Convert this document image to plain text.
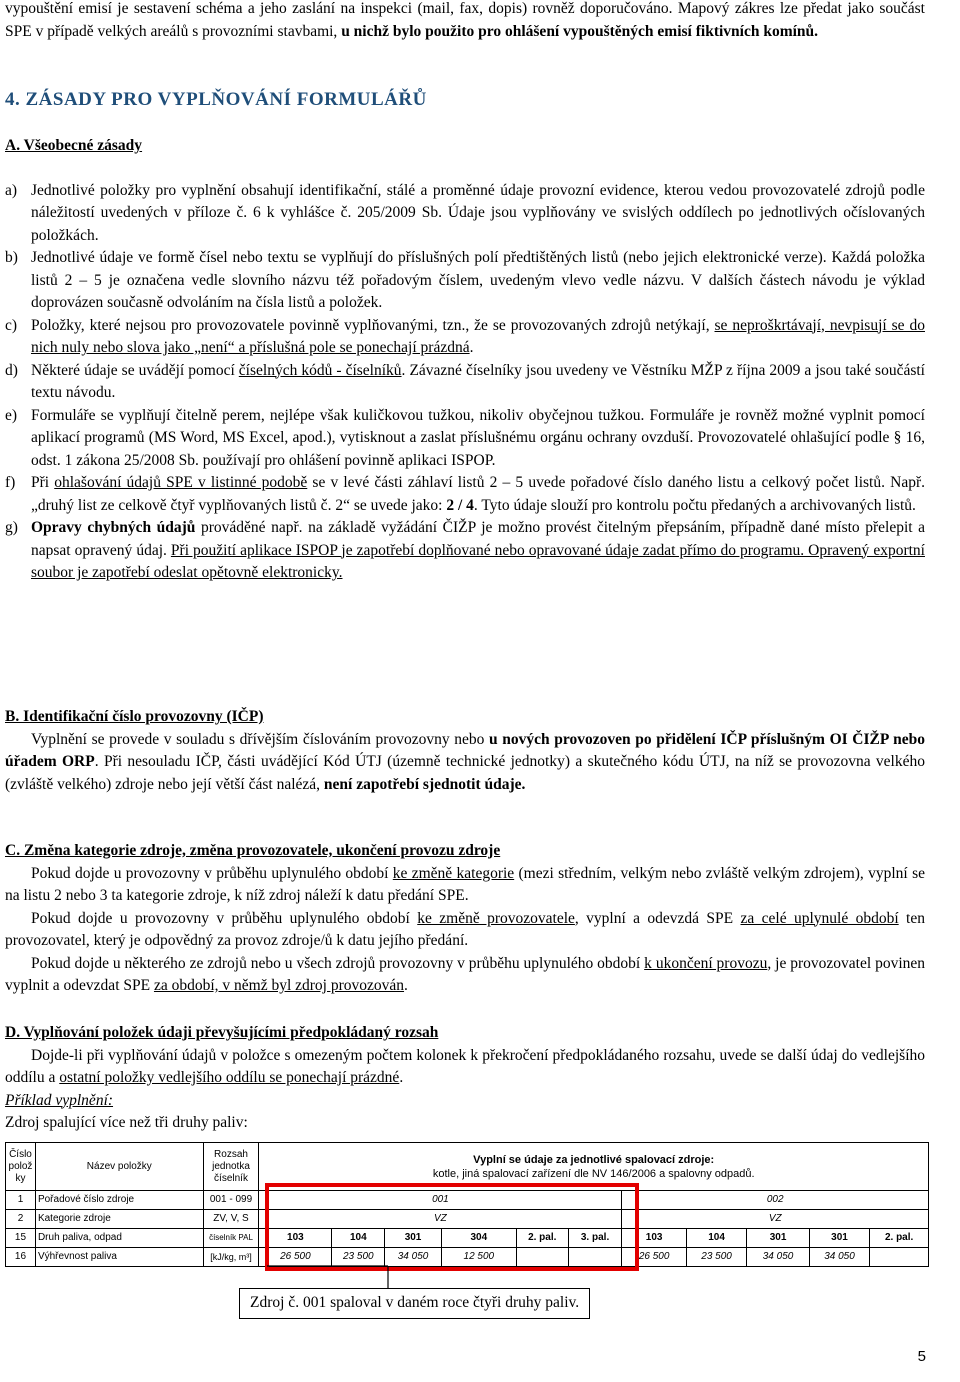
vypouštění emisí je sestavení schéma a jeho zaslání na inspekci (mail, fax, dopis) rovněž doporučováno. Mapový zákres lze předat jako součást SPE v případě velkých areálů s provozními stavbami, u nichž bylo použito pro ohlášení vypouštěných emisí fiktivních komínů.

4. ZÁSADY PRO VYPLŇOVÁNÍ FORMULÁŘŮ

A. Všeobecné zásady

a) Jednotlivé položky pro vyplnění obsahují identifikační, stálé a proměnné údaje provozní evidence, kterou vedou provozovatelé zdrojů podle náležitostí uvedených v příloze č. 6 k vyhlášce č. 205/2009 Sb. Údaje jsou vyplňovány ve svislých oddílech po jednotlivých očíslovaných položkách.
b) Jednotlivé údaje ve formě čísel nebo textu se vyplňují do příslušných polí předtištěných listů (nebo jejich elektronické verze). Každá položka listů 2 – 5 je označena vedle slovního názvu též pořadovým číslem, uvedeným vlevo vedle názvu. V dalších částech návodu je výklad doprovázen současně odvoláním na čísla listů a položek.
c) Položky, které nejsou pro provozovatele povinně vyplňovanými, tzn., že se provozovaných zdrojů netýkají, se neproškrtávají, nevpisují se do nich nuly nebo slova jako „není“ a příslušná pole se ponechají prázdná.
d) Některé údaje se uvádějí pomocí číselných kódů - číselníků. Závazné číselníky jsou uvedeny ve Věstníku MŽP z října 2009 a jsou také součástí textu návodu.
e) Formuláře se vyplňují čitelně perem, nejlépe však kuličkovou tužkou, nikoliv obyčejnou tužkou. Formuláře je rovněž možné vyplnit pomocí aplikací programů (MS Word, MS Excel, apod.), vytisknout a zaslat příslušnému orgánu ochrany ovzduší. Provozovatelé ohlašující podle § 16, odst. 1 zákona 25/2008 Sb. používají pro ohlášení povinně aplikaci ISPOP.
f)	Při ohlašování údajů SPE v listinné podobě se v levé části záhlaví listů 2 – 5 uvede pořadové číslo daného listu a celkový počet listů. Např. „druhý list ze celkově čtyř vyplňovaných listů č. 2“ se uvede jako: 2 / 4. Tyto údaje slouží pro kontrolu počtu předaných a archivovaných listů.
g) Opravy chybných údajů prováděné např. na základě vyžádání ČIŽP je možno provést čitelným přepsáním, případně dané místo přelepit a napsat opravený údaj. Při použití aplikace ISPOP je zapotřebí doplňované nebo opravované údaje zadat přímo do programu. Opravený exportní soubor je zapotřebí odeslat opětovně elektronicky.

B. Identifikační číslo provozovny (IČP)

Vyplnění se provede v souladu s dřívějším číslováním provozovny nebo u nových provozoven po přidělení IČP příslušným OI ČIŽP nebo úřadem ORP. Při nesouladu IČP, části uvádějící Kód ÚTJ (územně technické jednotky) a skutečného kódu ÚTJ, na níž se provozovna velkého (zvláště velkého) zdroje nebo její větší část nalézá, není zapotřebí sjednotit údaje.

C. Změna kategorie zdroje, změna provozovatele, ukončení provozu zdroje

Pokud dojde u provozovny v průběhu uplynulého období ke změně kategorie (mezi středním, velkým nebo zvláště velkým zdrojem), vyplní se na listu 2 nebo 3 ta kategorie zdroje, k níž zdroj náleží k datu předání SPE.

Pokud dojde u provozovny v průběhu uplynulého období ke změně provozovatele, vyplní a odevzdá SPE za celé uplynulé období ten provozovatel, který je odpovědný za provoz zdroje/ů k datu jejího předání.

Pokud dojde u některého ze zdrojů nebo u všech zdrojů provozovny v průběhu uplynulého období k ukončení provozu, je provozovatel povinen vyplnit a odevzdat SPE za období, v němž byl zdroj provozován.

D. Vyplňování položek údaji převyšujícími předpokládaný rozsah

Dojde-li při vyplňování údajů v položce s omezeným počtem kolonek k překročení předpokládaného rozsahu, uvede se další údaj do vedlejšího oddílu a ostatní položky vedlejšího oddílu se ponechají prázdné.

Příklad vyplnění:

Zdroj spalující více než tři druhy paliv:

Číslo polož ky	Název položky	Rozsah jednotka číselník	Vyplní se údaje za jednotlivé spalovací zdroje:
kotle, jiná spalovací zařízení dle NV 146/2006 a spalovny odpadů.										
1	Pořadové číslo zdroje	001 - 099	001						002				
2	Kategorie zdroje	ZV, V, S	VZ						VZ				
15	Druh paliva, odpad	číselník PAL	103	104	301	304	2. pal.	3. pal.	103	104	301	301	2. pal.
16	Výhřevnost paliva	[kJ/kg, m³]	26 500	23 500	34 050	12 500			26 500	23 500	34 050	34 050	
Zdroj č. 001 spaloval v daném roce čtyři druhy paliv.
5
